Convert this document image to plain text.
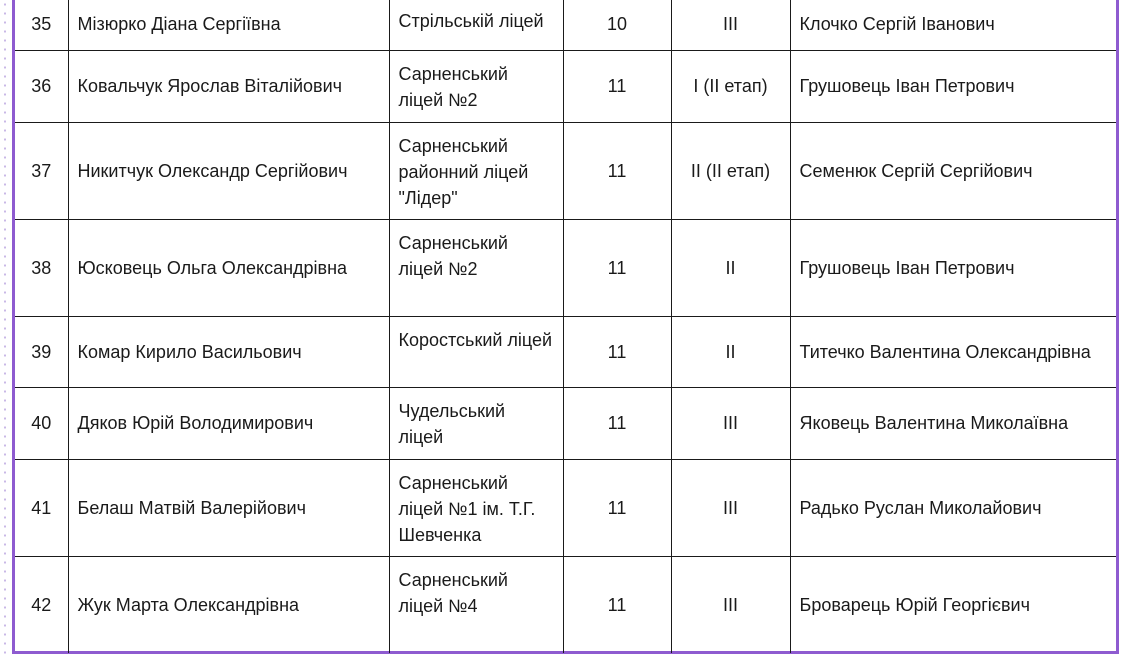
35	Мізюрко Діана Сергіївна	Стрільській ліцей	10	ІІІ	Клочко Сергій Іванович
36	Ковальчук Ярослав Віталійович	Сарненський ліцей №2	11	І (ІІ етап)	Грушовець Іван Петрович
37	Никитчук Олександр Сергійович	Сарненський районний ліцей "Лідер"	11	ІІ (ІІ етап)	Семенюк Сергій Сергійович
38	Юсковець Ольга Олександрівна	Сарненський ліцей №2	11	ІІ	Грушовець Іван Петрович
39	Комар Кирило Васильович	Коростський ліцей	11	ІІ	Титечко Валентина Олександрівна
40	Дяков Юрій Володимирович	Чудельський ліцей	11	ІІІ	Яковець Валентина Миколаївна
41	Белаш Матвій Валерійович	Сарненський ліцей №1 ім. Т.Г. Шевченка	11	ІІІ	Радько Руслан Миколайович
42	Жук Марта Олександрівна	Сарненський ліцей №4	11	ІІІ	Броварець Юрій Георгієвич
